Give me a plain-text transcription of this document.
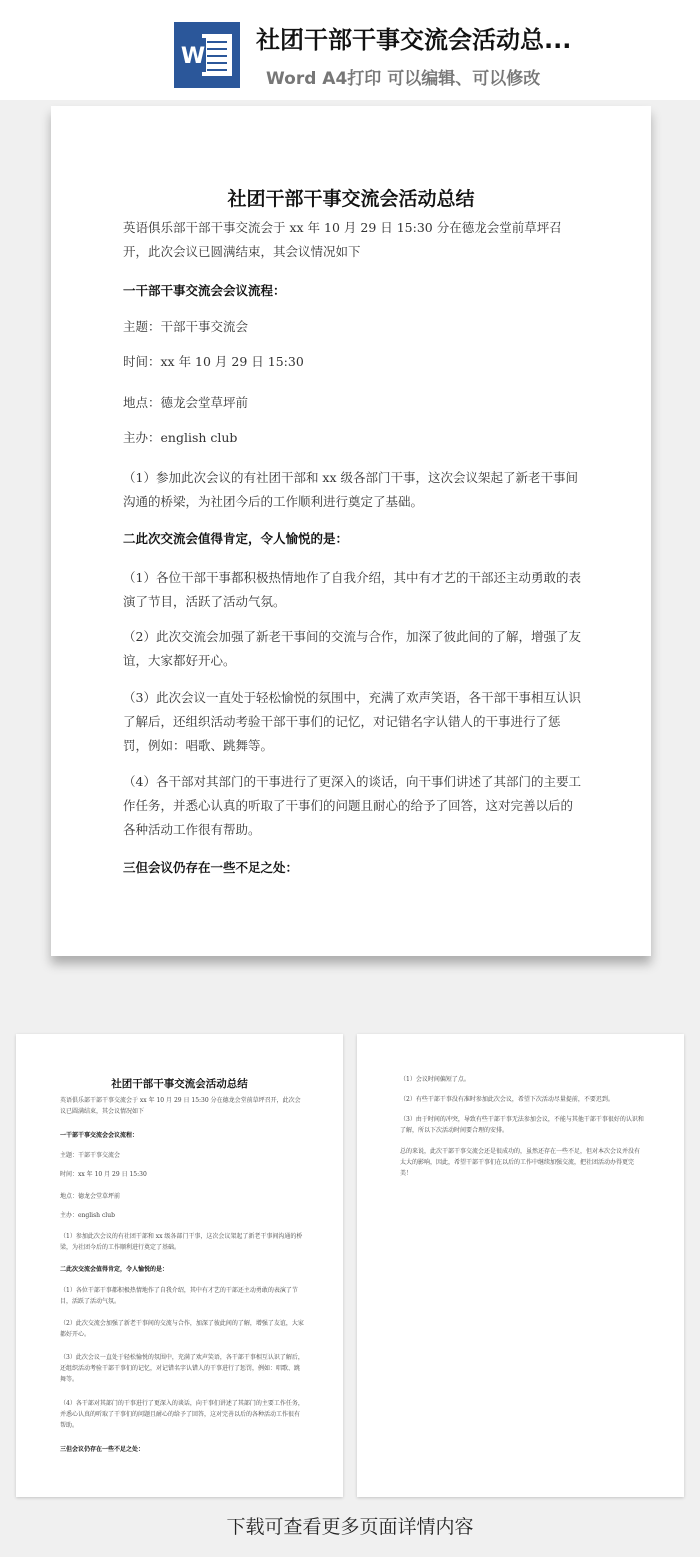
W
社团干部干事交流会活动总...
Word A4打印 可以编辑、可以修改
社团干部干事交流会活动总结
英语俱乐部干部干事交流会于 xx 年 10 月 29 日 15:30 分在德龙会堂前草坪召开，此次会议已圆满结束，其会议情况如下
一干部干事交流会会议流程：
主题：干部干事交流会
时间：xx 年 10 月 29 日 15:30
地点：德龙会堂草坪前
主办：english club
（1）参加此次会议的有社团干部和 xx 级各部门干事，这次会议架起了新老干事间沟通的桥梁，为社团今后的工作顺利进行奠定了基础。
二此次交流会值得肯定，令人愉悦的是：
（1）各位干部干事都积极热情地作了自我介绍，其中有才艺的干部还主动勇敢的表演了节目，活跃了活动气氛。
（2）此次交流会加强了新老干事间的交流与合作，加深了彼此间的了解，增强了友谊，大家都好开心。
（3）此次会议一直处于轻松愉悦的氛围中，充满了欢声笑语，各干部干事相互认识了解后，还组织活动考验干部干事们的记忆，对记错名字认错人的干事进行了惩罚，例如：唱歌、跳舞等。
（4）各干部对其部门的干事进行了更深入的谈话，向干事们讲述了其部门的主要工作任务，并悉心认真的听取了干事们的问题且耐心的给予了回答，这对完善以后的各种活动工作很有帮助。
三但会议仍存在一些不足之处：
社团干部干事交流会活动总结
英语俱乐部干部干事交流会于 xx 年 10 月 29 日 15:30 分在德龙会堂前草坪召开，此次会议已圆满结束，其会议情况如下
一干部干事交流会会议流程：
主题：干部干事交流会
时间：xx 年 10 月 29 日 15:30
地点：德龙会堂草坪前
主办：english club
（1）参加此次会议的有社团干部和 xx 级各部门干事，这次会议架起了新老干事间沟通的桥梁，为社团今后的工作顺利进行奠定了基础。
二此次交流会值得肯定，令人愉悦的是：
（1）各位干部干事都积极热情地作了自我介绍，其中有才艺的干部还主动勇敢的表演了节目，活跃了活动气氛。
（2）此次交流会加强了新老干事间的交流与合作，加深了彼此间的了解，增强了友谊，大家都好开心。
（3）此次会议一直处于轻松愉悦的氛围中，充满了欢声笑语，各干部干事相互认识了解后，还组织活动考验干部干事们的记忆，对记错名字认错人的干事进行了惩罚，例如：唱歌、跳舞等。
（4）各干部对其部门的干事进行了更深入的谈话，向干事们讲述了其部门的主要工作任务，并悉心认真的听取了干事们的问题且耐心的给予了回答，这对完善以后的各种活动工作很有帮助。
三但会议仍存在一些不足之处：
（1）会议时间偏短了点。
（2）有些干部干事没有准时参加此次会议，希望下次活动尽量提前，不要迟到。
（3）由于时间的冲突，导致有些干部干事无法参加会议，不能与其他干部干事很好的认识和了解，所以下次活动时间要合理的安排。
总的来说，此次干部干事交流会还是很成功的，虽然还存在一些不足，但对本次会议并没有太大的影响，因此，希望干部干事们在以后的工作中继续加强交流，把社团活动办得更完美！
下载可查看更多页面详情内容
